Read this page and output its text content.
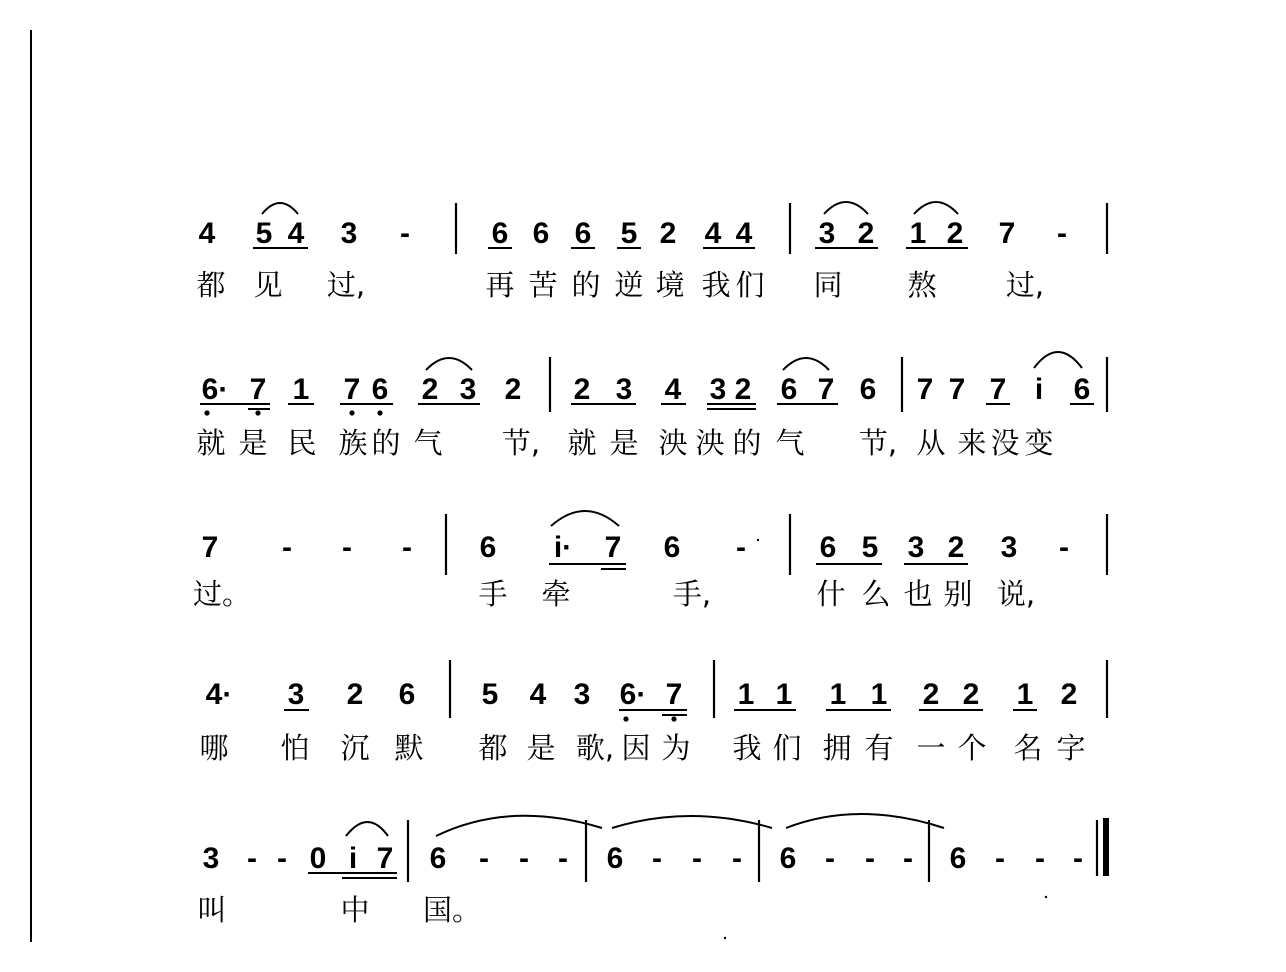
4 5 4 3 -	6 6 6 5 2 4 4 3 2 1 2 7 -
都 见 过,	再 苦 的 逆 境 我 们 同 熬 过,
6· 7 1 7 6 2 3 2 2 3 4 3 2 6 7 6 7 7 7 i 6
就 是 民 族 的 气 节, 就 是 泱 泱 的 气 节, 从 来 没 变
7 - - - 6 i· 7 6 - 6 5 3 2 3 -
过。	手 牵	手,	什 么 也 别 说,
4· 3 2 6 5 4 3 6· 7 1 1 1 1 2 2 1 2
哪 怕 沉 默 都 是 歌, 因 为 我 们 拥 有 一 个 名 字
3 - - 0 i 7 6 - - - 6 - - - 6 - - - 6 - - -
叫	中 国。
